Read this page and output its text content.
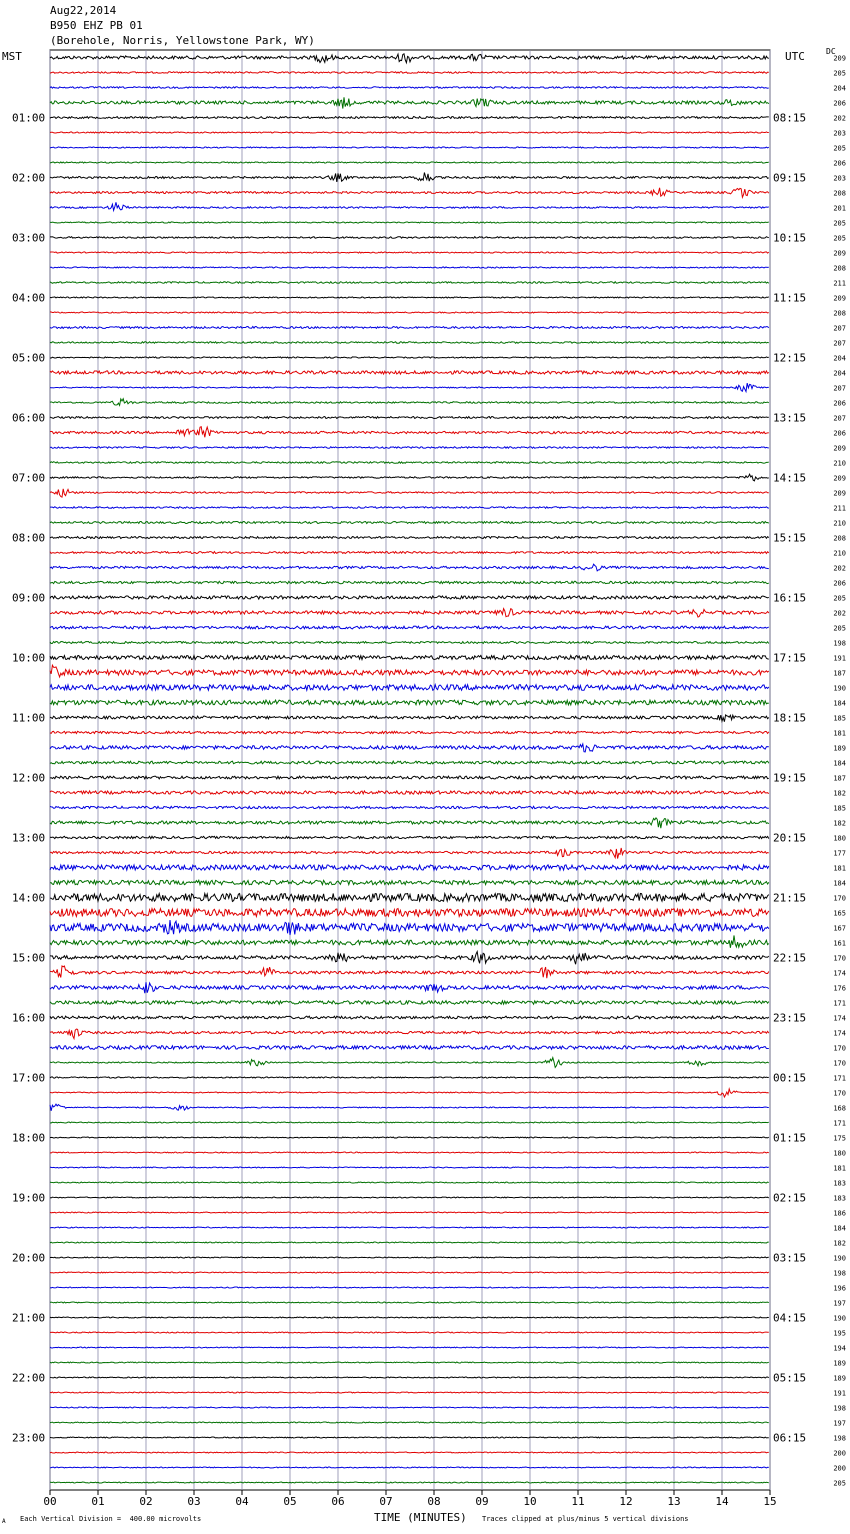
Aug22,2014
B950 EHZ PB 01
(Borehole, Norris, Yellowstone Park, WY)
MST	UTC	DC
00	01	02	03	04	05	06	07	08	09	10	11	12	13	14	15
209
205
204
206
202
01:00	08:15
203
205
206
203
02:00	09:15
208
201
205
205
03:00	10:15
209
208
211
209
04:00	11:15
208
207
207
204
05:00	12:15
204
207
206
207
06:00	13:15
206
209
210
209
07:00	14:15
209
211
210
208
08:00	15:15
210
202
206
205
09:00	16:15
202
205
198
191
10:00	17:15
187
190
184
185
11:00	18:15
181
189
184
187
12:00	19:15
182
185
182
180
13:00	20:15
177
181
184
170
14:00	21:15
165
167
161
170
15:00	22:15
174
176
171
174
16:00	23:15
174
170
170
171
17:00	00:15
170
168
171
175
18:00	01:15
180
181
183
183
19:00	02:15
186
184
182
190
20:00	03:15
198
196
197
190
21:00	04:15
195
194
189
189
22:00	05:15
191
198
197
198
23:00	06:15
200
200
205
TIME (MINUTES)
A Each Vertical Division =  400.00 microvolts	Traces clipped at plus/minus 5 vertical divisions
